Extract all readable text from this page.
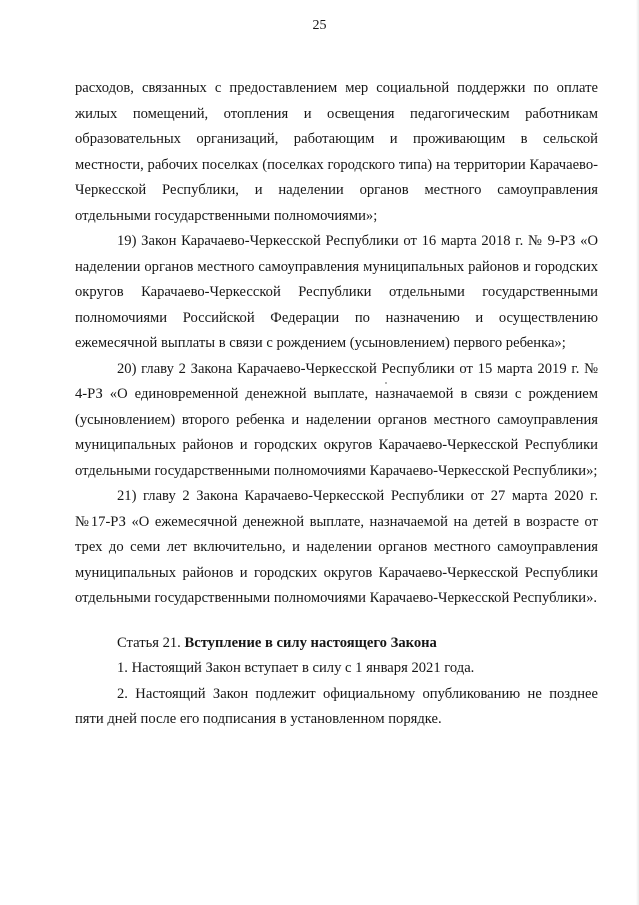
25

расходов, связанных с предоставлением мер социальной поддержки по оплате жилых помещений, отопления и освещения педагогическим работникам образовательных организаций, работающим и проживающим в сельской местности, рабочих поселках (поселках городского типа) на территории Карачаево-Черкесской Республики, и наделении органов местного самоуправления отдельными государственными полномочиями»;

19) Закон Карачаево-Черкесской Республики от 16 марта 2018 г. № 9-РЗ «О наделении органов местного самоуправления муниципальных районов и городских округов Карачаево-Черкесской Республики отдельными государственными полномочиями Российской Федерации по назначению и осуществлению ежемесячной выплаты в связи с рождением (усыновлением) первого ребенка»;

20) главу 2 Закона Карачаево-Черкесской Республики от 15 марта 2019 г. № 4-РЗ «О единовременной денежной выплате, назначаемой в связи с рождением (усыновлением) второго ребенка и наделении органов местного самоуправления муниципальных районов и городских округов Карачаево-Черкесской Республики отдельными государственными полномочиями Карачаево-Черкесской Республики»;

21) главу 2 Закона Карачаево-Черкесской Республики от 27 марта 2020 г. №17-РЗ «О ежемесячной денежной выплате, назначаемой на детей в возрасте от трех до семи лет включительно, и наделении органов местного самоуправления муниципальных районов и городских округов Карачаево-Черкесской Республики отдельными государственными полномочиями Карачаево-Черкесской Республики».

Статья 21. Вступление в силу настоящего Закона

1. Настоящий Закон вступает в силу с 1 января 2021 года.

2. Настоящий Закон подлежит официальному опубликованию не позднее пяти дней после его подписания в установленном порядке.
